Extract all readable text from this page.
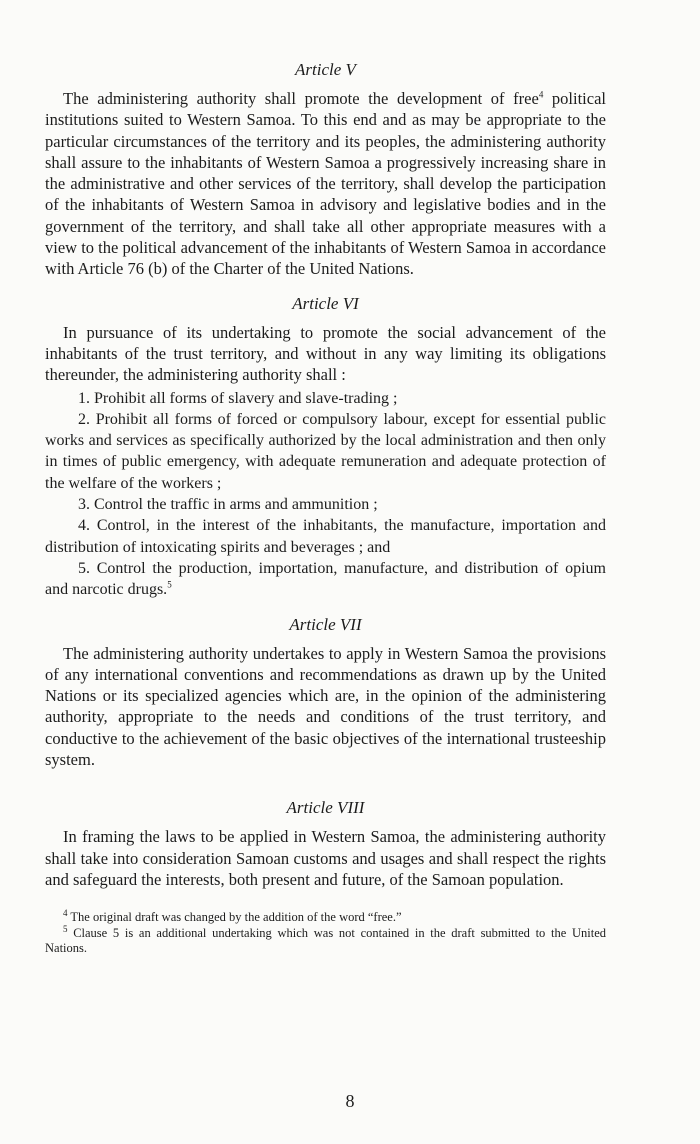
Article V

The administering authority shall promote the development of free$^4$ political institutions suited to Western Samoa. To this end and as may be appropriate to the particular circumstances of the territory and its peoples, the administering authority shall assure to the inhabitants of Western Samoa a progressively increasing share in the administrative and other services of the territory, shall develop the participation of the inhabitants of Western Samoa in advisory and legislative bodies and in the government of the territory, and shall take all other appropriate measures with a view to the political advancement of the inhabitants of Western Samoa in accordance with Article 76 (b) of the Charter of the United Nations.

Article VI

In pursuance of its undertaking to promote the social advancement of the inhabitants of the trust territory, and without in any way limiting its obligations thereunder, the administering authority shall :

1. Prohibit all forms of slavery and slave-trading ;

2. Prohibit all forms of forced or compulsory labour, except for essential public works and services as specifically authorized by the local administration and then only in times of public emergency, with adequate remuneration and adequate protection of the welfare of the workers ;

3. Control the traffic in arms and ammunition ;

4. Control, in the interest of the inhabitants, the manufacture, importation and distribution of intoxicating spirits and beverages ; and

5. Control the production, importation, manufacture, and distribution of opium and narcotic drugs.$^5$

Article VII

The administering authority undertakes to apply in Western Samoa the provisions of any international conventions and recommendations as drawn up by the United Nations or its specialized agencies which are, in the opinion of the administering authority, appropriate to the needs and conditions of the trust territory, and conductive to the achievement of the basic objectives of the international trusteeship system.

Article VIII

In framing the laws to be applied in Western Samoa, the administering authority shall take into consideration Samoan customs and usages and shall respect the rights and safeguard the interests, both present and future, of the Samoan population.

$^4$ The original draft was changed by the addition of the word “free.”

$^5$ Clause 5 is an additional undertaking which was not contained in the draft submitted to the United Nations.

8
